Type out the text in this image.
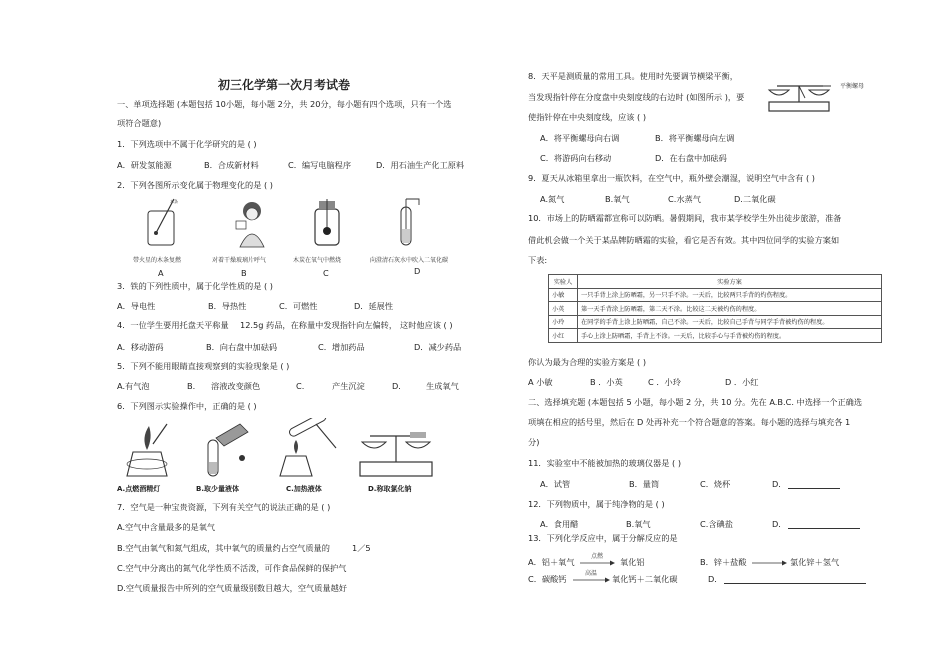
初三化学第一次月考试卷
一、单项选择题 (本题包括 10小题，每小题 2分，共 20分，每小题有四个选项，只有一个选
项符合题意)
1．下列选项中不属于化学研究的是 ( )
A．研发氢能源	B．合成新材料	C．编写电脑程序	D．用石油生产化工原料
2．下列各图所示变化属于物理变化的是 ( )
木条
带火星的木条复燃	对着干燥玻璃片呼气	木炭在氧气中燃烧	向澄清石灰水中吹入二氧化碳
A	B	C	D
3．铁的下列性质中，属于化学性质的是 ( )
A．导电性	B．导热性	C．可燃性	D．延展性
4．一位学生要用托盘天平称量 12.5g 药品，在称量中发现指针向左偏转， 这时他应该 ( )
A．移动游码	B．向右盘中加砝码	C．增加药品	D．减少药品
5．下列不能用眼睛直接观察到的实验现象是 ( )
A.有气泡	B. 溶液改变颜色	C.	产生沉淀	D.	生成氧气
6．下列图示实验操作中，正确的是 ( )
A.点燃酒精灯	B.取少量液体	C.加热液体	D.称取氯化钠
7．空气是一种宝贵资源，下列有关空气的说法正确的是 ( )
A.空气中含量最多的是氧气
B.空气由氧气和氮气组成，其中氧气的质量约占空气质量的	1／5
C.空气中分离出的氮气化学性质不活泼，可作食品保鲜的保护气
D.空气质量报告中所列的空气质量级别数目越大，空气质量越好
8．天平是测质量的常用工具。使用时先要调节横梁平衡，
当发现指针停在分度盘中央刻度线的右边时 (如图所示 )，要
使指针停在中央刻度线，应该 ( )
平衡螺母
A．将平衡螺母向右调	B．将平衡螺母向左调
C．将游码向右移动	D．在右盘中加砝码
9．夏天从冰箱里拿出一瓶饮料，在空气中，瓶外壁会潮湿，说明空气中含有 ( )
A.氮气	B.氧气	C.水蒸气	D.二氧化碳
10．市场上的防晒霜都宣称可以防晒。暑假期间，我市某学校学生外出徒步旅游，准备
借此机会做一个关于某品牌防晒霜的实验，看它是否有效。其中四位同学的实验方案如
下表:
实验人	实验方案
小敏	一只手背上涂上防晒霜，另一只手不涂。一天后，比较两只手背的灼伤程度。
小英	第一天手背涂上防晒霜，第二天不涂。比较这二天被灼伤的程度。
小玲	在同学的手背上涂上防晒霜，自己不涂。一天后，比较自己手背与同学手背被灼伤的程度。
小红	手心上涂上防晒霜，手背上不涂。一天后，比较手心与手背被灼伤的程度。
你认为最为合理的实验方案是 ( )
A 小敏	B ．小英	C ．小玲	D ．小红
二、选择填充题 (本题包括 5 小题，每小题 2 分，共 10 分。先在 A.B.C. 中选择一个正确选
项填在相应的括号里，然后在 D 处再补充一个符合题意的答案。每小题的选择与填充各 1
分)
11．实验室中不能被加热的玻璃仪器是 ( )
A．试管	B．量筒	C．烧杯	D．
12．下列物质中，属于纯净物的是 ( )
A．食用醋	B.氧气	C.含碘盐	D．
13．下列化学反应中，属于分解反应的是
A．铝＋氧气
点燃
氧化铝	B．锌＋盐酸	氯化锌＋氢气
C．碳酸钙
高温
氧化钙＋二氧化碳	D．
